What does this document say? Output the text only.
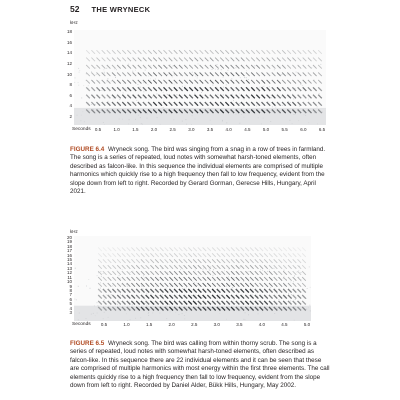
52 THE WRYNECK
kHz
18
16
14
12
10
8
6
4
2
Seconds 0.5	1.0	1.5	2.0	2.5	3.0	3.5	4.0	4.5	5.0	5.5	6.0	6.5

FIGURE 6.4 Wryneck song. The bird was singing from a snag in a row of trees in farmland. The song is a series of repeated, loud notes with somewhat harsh-toned elements, often described as falcon-like. In this sequence the individual elements are comprised of multiple harmonics which quickly rise to a high frequency then fall to low frequency, evident from the slope down from left to right. Recorded by Gerard Gorman, Gerecse Hills, Hungary, April 2021.

kHz
20
19
18
17
16
15
14
13
12
11
10
9
8
7
6
5
4
3
Seconds	0.5	1.0	1.5	2.0	2.5	3.0	3.5	4.0	4.5	5.0

FIGURE 6.5 Wryneck song. The bird was calling from within thorny scrub. The song is a series of repeated, loud notes with somewhat harsh-toned elements, often described as falcon-like. In this sequence there are 22 individual elements and it can be seen that these are comprised of multiple harmonics with most energy within the first three elements. The call elements quickly rise to a high frequency then fall to low frequency, evident from the slope down from left to right. Recorded by Daniel Alder, Bükk Hills, Hungary, May 2002.
